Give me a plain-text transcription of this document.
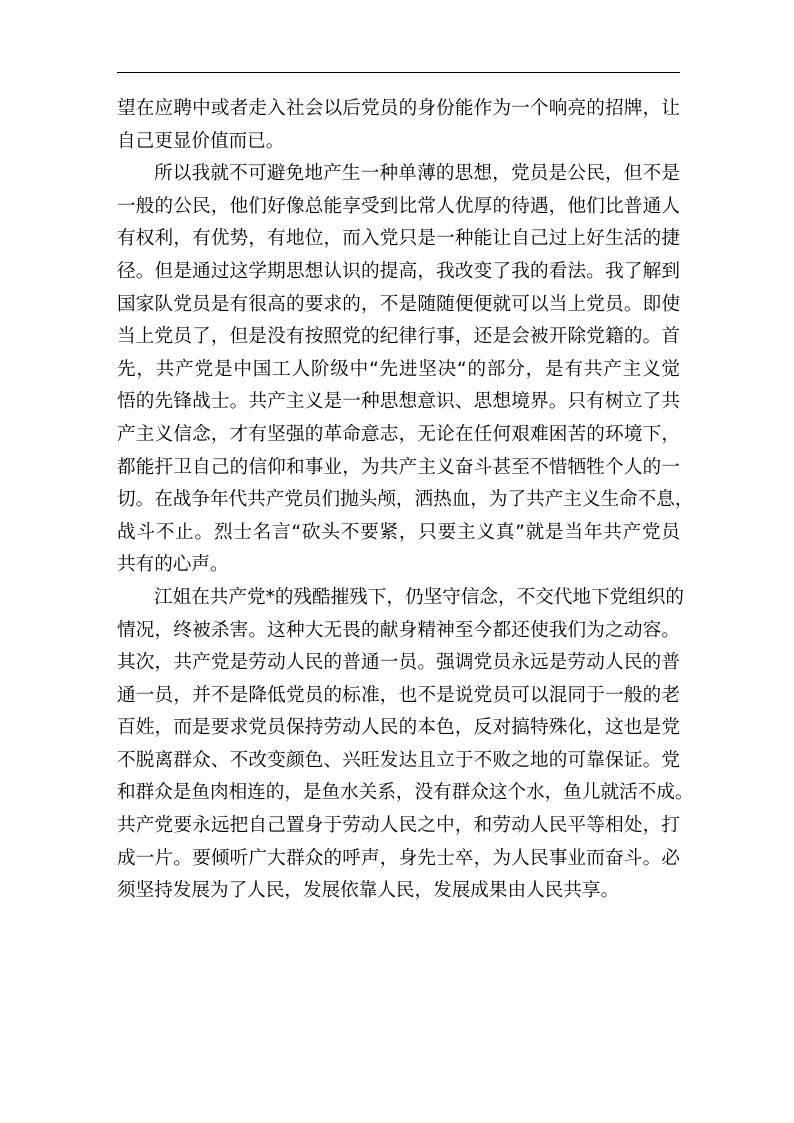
望在应聘中或者走入社会以后党员的身份能作为一个响亮的招牌，让
自己更显价值而已。
所以我就不可避免地产生一种单薄的思想，党员是公民，但不是
一般的公民，他们好像总能享受到比常人优厚的待遇，他们比普通人
有权利，有优势，有地位，而入党只是一种能让自己过上好生活的捷
径。但是通过这学期思想认识的提高，我改变了我的看法。我了解到
国家队党员是有很高的要求的，不是随随便便就可以当上党员。即使
当上党员了，但是没有按照党的纪律行事，还是会被开除党籍的。首
先，共产党是中国工人阶级中“先进坚决“的部分，是有共产主义觉
悟的先锋战士。共产主义是一种思想意识、思想境界。只有树立了共
产主义信念，才有坚强的革命意志，无论在任何艰难困苦的环境下，
都能扞卫自己的信仰和事业，为共产主义奋斗甚至不惜牺牲个人的一
切。在战争年代共产党员们抛头颅，洒热血，为了共产主义生命不息，
战斗不止。烈士名言“砍头不要紧，只要主义真”就是当年共产党员
共有的心声。
江姐在共产党*的残酷摧残下，仍坚守信念，不交代地下党组织的
情况，终被杀害。这种大无畏的献身精神至今都还使我们为之动容。
其次，共产党是劳动人民的普通一员。强调党员永远是劳动人民的普
通一员，并不是降低党员的标准，也不是说党员可以混同于一般的老
百姓，而是要求党员保持劳动人民的本色，反对搞特殊化，这也是党
不脱离群众、不改变颜色、兴旺发达且立于不败之地的可靠保证。党
和群众是鱼肉相连的，是鱼水关系，没有群众这个水，鱼儿就活不成。
共产党要永远把自己置身于劳动人民之中，和劳动人民平等相处，打
成一片。要倾听广大群众的呼声，身先士卒，为人民事业而奋斗。必
须坚持发展为了人民，发展依靠人民，发展成果由人民共享。
